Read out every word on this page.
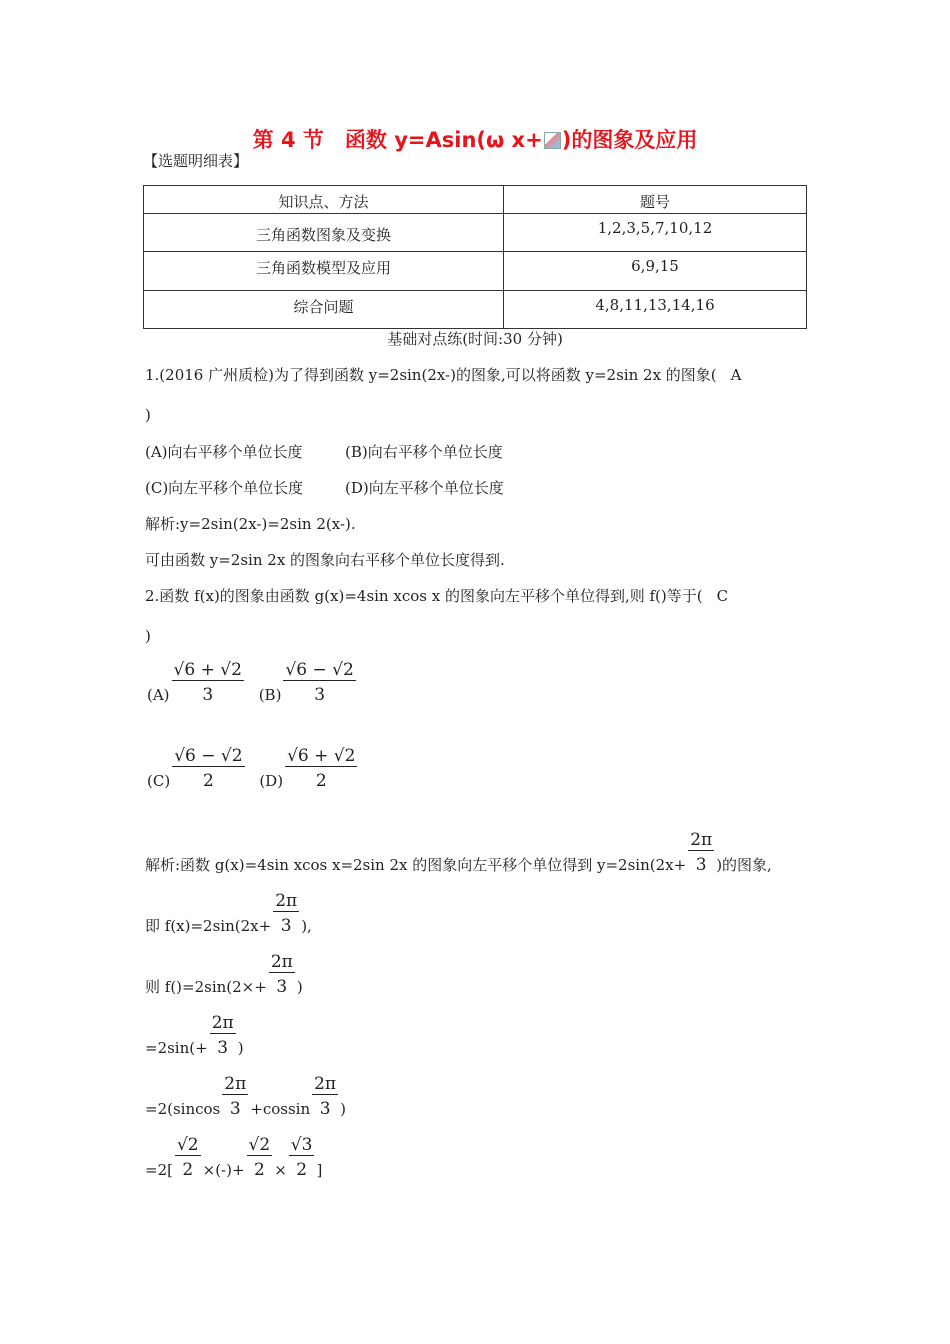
第 4 节　函数 y=Asin(ω x+ )的图象及应用
【选题明细表】
知识点、方法	题号
三角函数图象及变换	1,2,3,5,7,10,12
三角函数模型及应用	6,9,15
综合问题	4,8,11,13,14,16
基础对点练(时间:30 分钟)
1.(2016 广州质检)为了得到函数 y=2sin(2x-)的图象,可以将函数 y=2sin 2x 的图象( A
)
(A)向右平移个单位长度	(B)向右平移个单位长度
(C)向左平移个单位长度	(D)向左平移个单位长度
解析:y=2sin(2x-)=2sin 2(x-).
可由函数 y=2sin 2x 的图象向右平移个单位长度得到.
2.函数 f(x)的图象由函数 g(x)=4sin xcos x 的图象向左平移个单位得到,则 f()等于( C
)
$(A) \frac{√6 + √2}{3} (B) \frac{√6 - √2}{3}$
$(C) \frac{√6 - √2}{2} (D) \frac{√6 + √2}{2}$
解析:函数 g(x)=4sin xcos x=2sin 2x 的图象向左平移个单位得到 $y=2\sin(2x+ \frac{2\pi}{3}$ )的图象,
即 $f(x)=2\sin(2x+ \frac{2\pi}{3}$ ),
则 $f()=2\sin(2\times+ \frac{2\pi}{3}$ )
$=2\sin(+ \frac{2\pi}{3}$ )
$=2(sincos \frac{2\pi}{3} +cossin \frac{2\pi}{3}$ )
$=2[ \frac{√2}{2}$ ×(-)+ $\frac{√2}{2} \times \frac{√3}{2}$ ]
